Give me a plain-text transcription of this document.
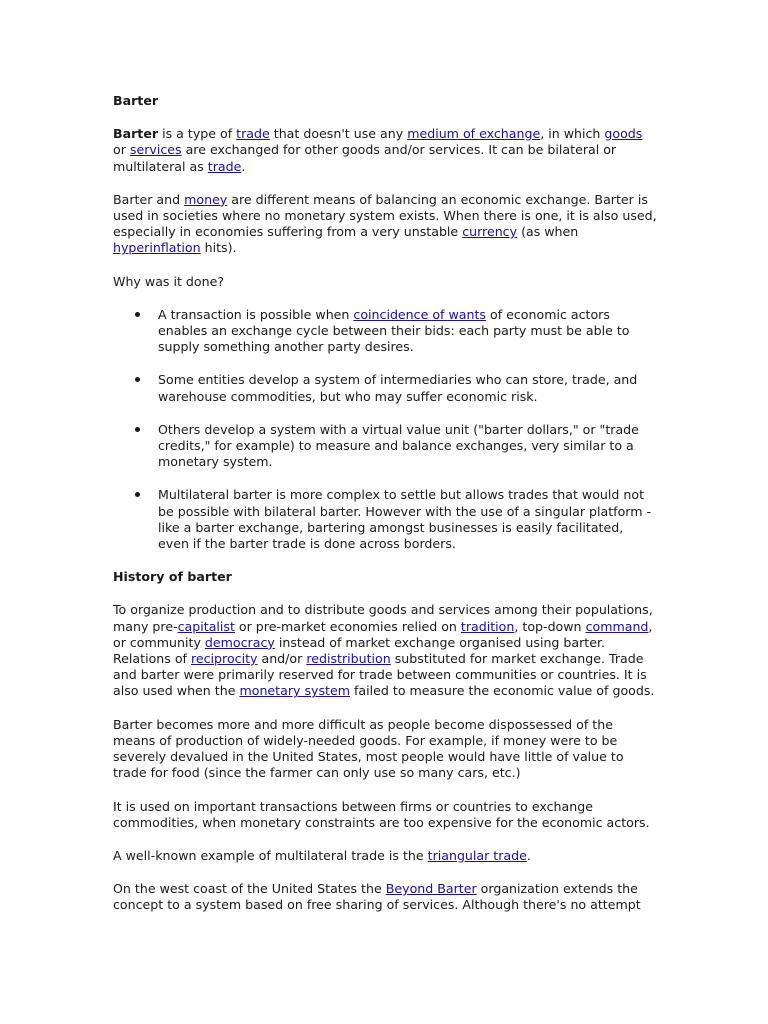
Barter

Barter is a type of trade that doesn't use any medium of exchange, in which goods or services are exchanged for other goods and/or services. It can be bilateral or multilateral as trade.

Barter and money are different means of balancing an economic exchange. Barter is used in societies where no monetary system exists. When there is one, it is also used, especially in economies suffering from a very unstable currency (as when hyperinflation hits).

Why was it done?

A transaction is possible when coincidence of wants of economic actors enables an exchange cycle between their bids: each party must be able to supply something another party desires.
Some entities develop a system of intermediaries who can store, trade, and warehouse commodities, but who may suffer economic risk.
Others develop a system with a virtual value unit ("barter dollars," or "trade credits," for example) to measure and balance exchanges, very similar to a monetary system.
Multilateral barter is more complex to settle but allows trades that would not be possible with bilateral barter. However with the use of a singular platform - like a barter exchange, bartering amongst businesses is easily facilitated, even if the barter trade is done across borders.
History of barter

To organize production and to distribute goods and services among their populations, many pre-capitalist or pre-market economies relied on tradition, top-down command, or community democracy instead of market exchange organised using barter. Relations of reciprocity and/or redistribution substituted for market exchange. Trade and barter were primarily reserved for trade between communities or countries. It is also used when the monetary system failed to measure the economic value of goods.

Barter becomes more and more difficult as people become dispossessed of the means of production of widely-needed goods. For example, if money were to be severely devalued in the United States, most people would have little of value to trade for food (since the farmer can only use so many cars, etc.)

It is used on important transactions between firms or countries to exchange commodities, when monetary constraints are too expensive for the economic actors.

A well-known example of multilateral trade is the triangular trade.

On the west coast of the United States the Beyond Barter organization extends the concept to a system based on free sharing of services. Although there's no attempt
